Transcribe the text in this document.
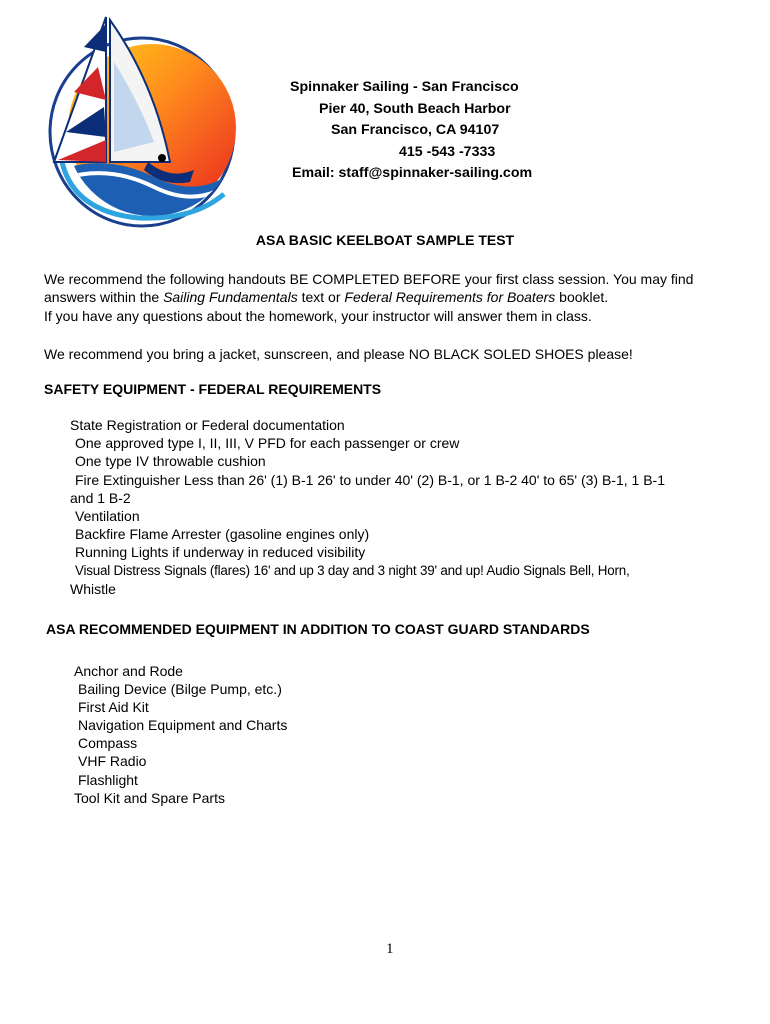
Spinnaker Sailing - San Francisco
Pier 40, South Beach Harbor
San Francisco, CA 94107
415 -543 -7333
Email: staff@spinnaker-sailing.com
ASA BASIC KEELBOAT SAMPLE TEST
We recommend the following handouts BE COMPLETED BEFORE your first class session. You may find answers within the Sailing Fundamentals text or Federal Requirements for Boaters booklet.
If you have any questions about the homework, your instructor will answer them in class.
We recommend you bring a jacket, sunscreen, and please NO BLACK SOLED SHOES please!
SAFETY EQUIPMENT - FEDERAL REQUIREMENTS
State Registration or Federal documentation
One approved type I, II, III, V PFD for each passenger or crew
One type IV throwable cushion
Fire Extinguisher Less than 26' (1) B-1 26' to under 40' (2) B-1, or 1 B-2 40' to 65' (3) B-1, 1 B-1
and 1 B-2
Ventilation
Backfire Flame Arrester (gasoline engines only)
Running Lights if underway in reduced visibility
Visual Distress Signals (flares) 16' and up 3 day and 3 night 39' and up! Audio Signals Bell, Horn,
Whistle
ASA RECOMMENDED EQUIPMENT IN ADDITION TO COAST GUARD STANDARDS
Anchor and Rode
Bailing Device (Bilge Pump, etc.)
First Aid Kit
Navigation Equipment and Charts
Compass
VHF Radio
Flashlight
Tool Kit and Spare Parts
1
